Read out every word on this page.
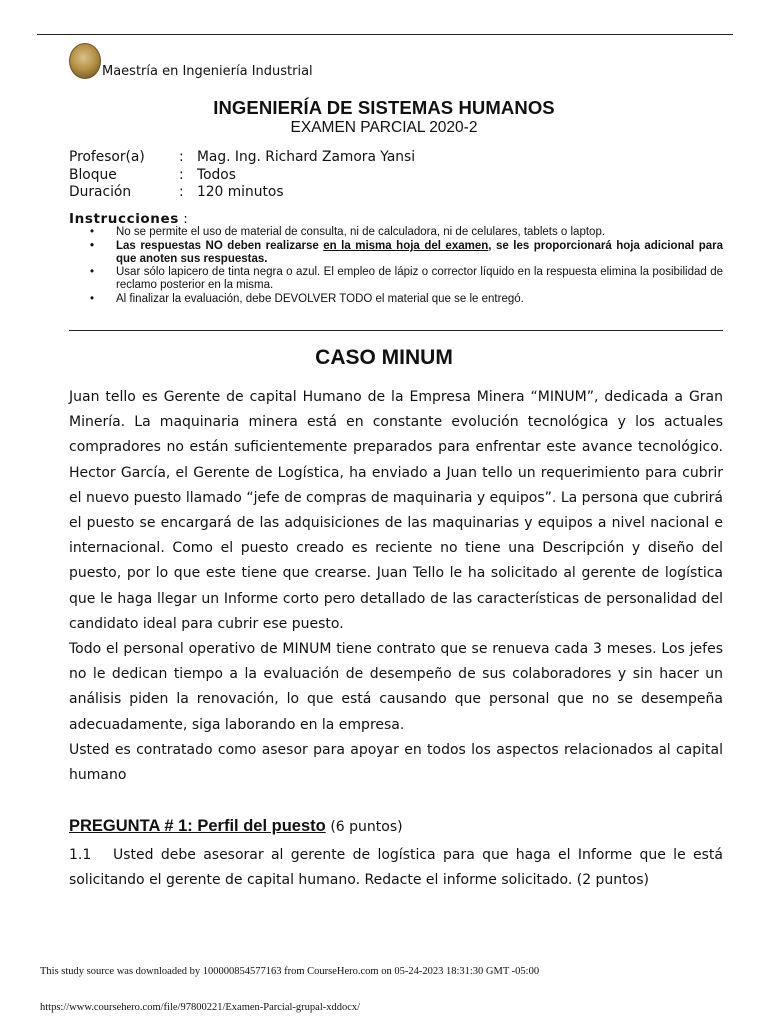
Maestría en Ingeniería Industrial
INGENIERÍA DE SISTEMAS HUMANOS
EXAMEN PARCIAL 2020-2
Profesor(a)	: Mag. Ing. Richard Zamora Yansi
Bloque	: Todos
Duración	: 120 minutos
Instrucciones :
• No se permite el uso de material de consulta, ni de calculadora, ni de celulares, tablets o laptop.
• Las respuestas NO deben realizarse en la misma hoja del examen, se les proporcionará hoja adicional para que anoten sus respuestas.
• Usar sólo lapicero de tinta negra o azul. El empleo de lápiz o corrector líquido en la respuesta elimina la posibilidad de reclamo posterior en la misma.
• Al finalizar la evaluación, debe DEVOLVER TODO el material que se le entregó.
CASO MINUM

Juan tello es Gerente de capital Humano de la Empresa Minera “MINUM”, dedicada a Gran Minería. La maquinaria minera está en constante evolución tecnológica y los actuales compradores no están suficientemente preparados para enfrentar este avance tecnológico. Hector García, el Gerente de Logística, ha enviado a Juan tello un requerimiento para cubrir el nuevo puesto llamado “jefe de compras de maquinaria y equipos”. La persona que cubrirá el puesto se encargará de las adquisiciones de las maquinarias y equipos a nivel nacional e internacional. Como el puesto creado es reciente no tiene una Descripción y diseño del puesto, por lo que este tiene que crearse. Juan Tello le ha solicitado al gerente de logística que le haga llegar un Informe corto pero detallado de las características de personalidad del candidato ideal para cubrir ese puesto.

Todo el personal operativo de MINUM tiene contrato que se renueva cada 3 meses. Los jefes no le dedican tiempo a la evaluación de desempeño de sus colaboradores y sin hacer un análisis piden la renovación, lo que está causando que personal que no se desempeña adecuadamente, siga laborando en la empresa.

Usted es contratado como asesor para apoyar en todos los aspectos relacionados al capital humano

PREGUNTA # 1: Perfil del puesto (6 puntos)
1.1 Usted debe asesorar al gerente de logística para que haga el Informe que le está solicitando el gerente de capital humano. Redacte el informe solicitado. (2 puntos)
This study source was downloaded by 100000854577163 from CourseHero.com on 05-24-2023 18:31:30 GMT -05:00
https://www.coursehero.com/file/97800221/Examen-Parcial-grupal-xddocx/
